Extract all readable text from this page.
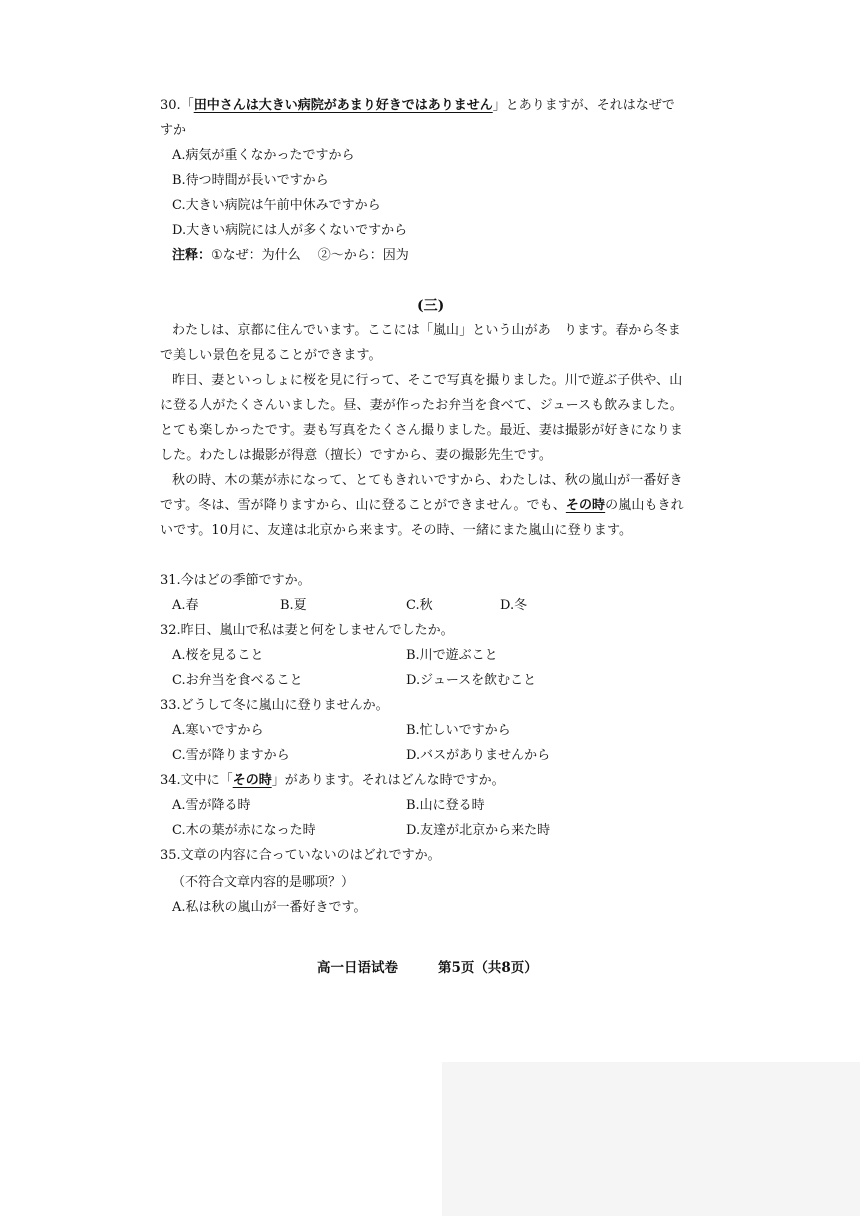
30.「田中さんは大きい病院があまり好きではありません」とありますが、それはなぜで
すか
A.病気が重くなかったですから
B.待つ時間が長いですから
C.大きい病院は午前中休みですから
D.大きい病院には人が多くないですから
注释：①なぜ：为什么　 ②～から：因为
(三)
わたしは、京都に住んでいます。ここには「嵐山」という山があ　ります。春から冬ま
で美しい景色を見ることができます。
昨日、妻といっしょに桜を見に行って、そこで写真を撮りました。川で遊ぶ子供や、山
に登る人がたくさんいました。昼、妻が作ったお弁当を食べて、ジュースも飲みました。
とても楽しかったです。妻も写真をたくさん撮りました。最近、妻は撮影が好きになりま
した。わたしは撮影が得意（擅长）ですから、妻の撮影先生です。
秋の時、木の葉が赤になって、とてもきれいですから、わたしは、秋の嵐山が一番好き
です。冬は、雪が降りますから、山に登ることができません。でも、その時の嵐山もきれ
いです。10月に、友達は北京から来ます。その時、一緒にまた嵐山に登ります。
31.今はどの季節ですか。
A.春	B.夏	C.秋	D.冬
32.昨日、嵐山で私は妻と何をしませんでしたか。
A.桜を見ること	B.川で遊ぶこと
C.お弁当を食べること	D.ジュースを飲むこと
33.どうして冬に嵐山に登りませんか。
A.寒いですから	B.忙しいですから
C.雪が降りますから	D.バスがありませんから
34.文中に「その時」があります。それはどんな時ですか。
A.雪が降る時	B.山に登る時
C.木の葉が赤になった時	D.友達が北京から来た時
35.文章の内容に合っていないのはどれですか。
（不符合文章内容的是哪项？）
A.私は秋の嵐山が一番好きです。
高一日语试卷	第5页（共8页）
